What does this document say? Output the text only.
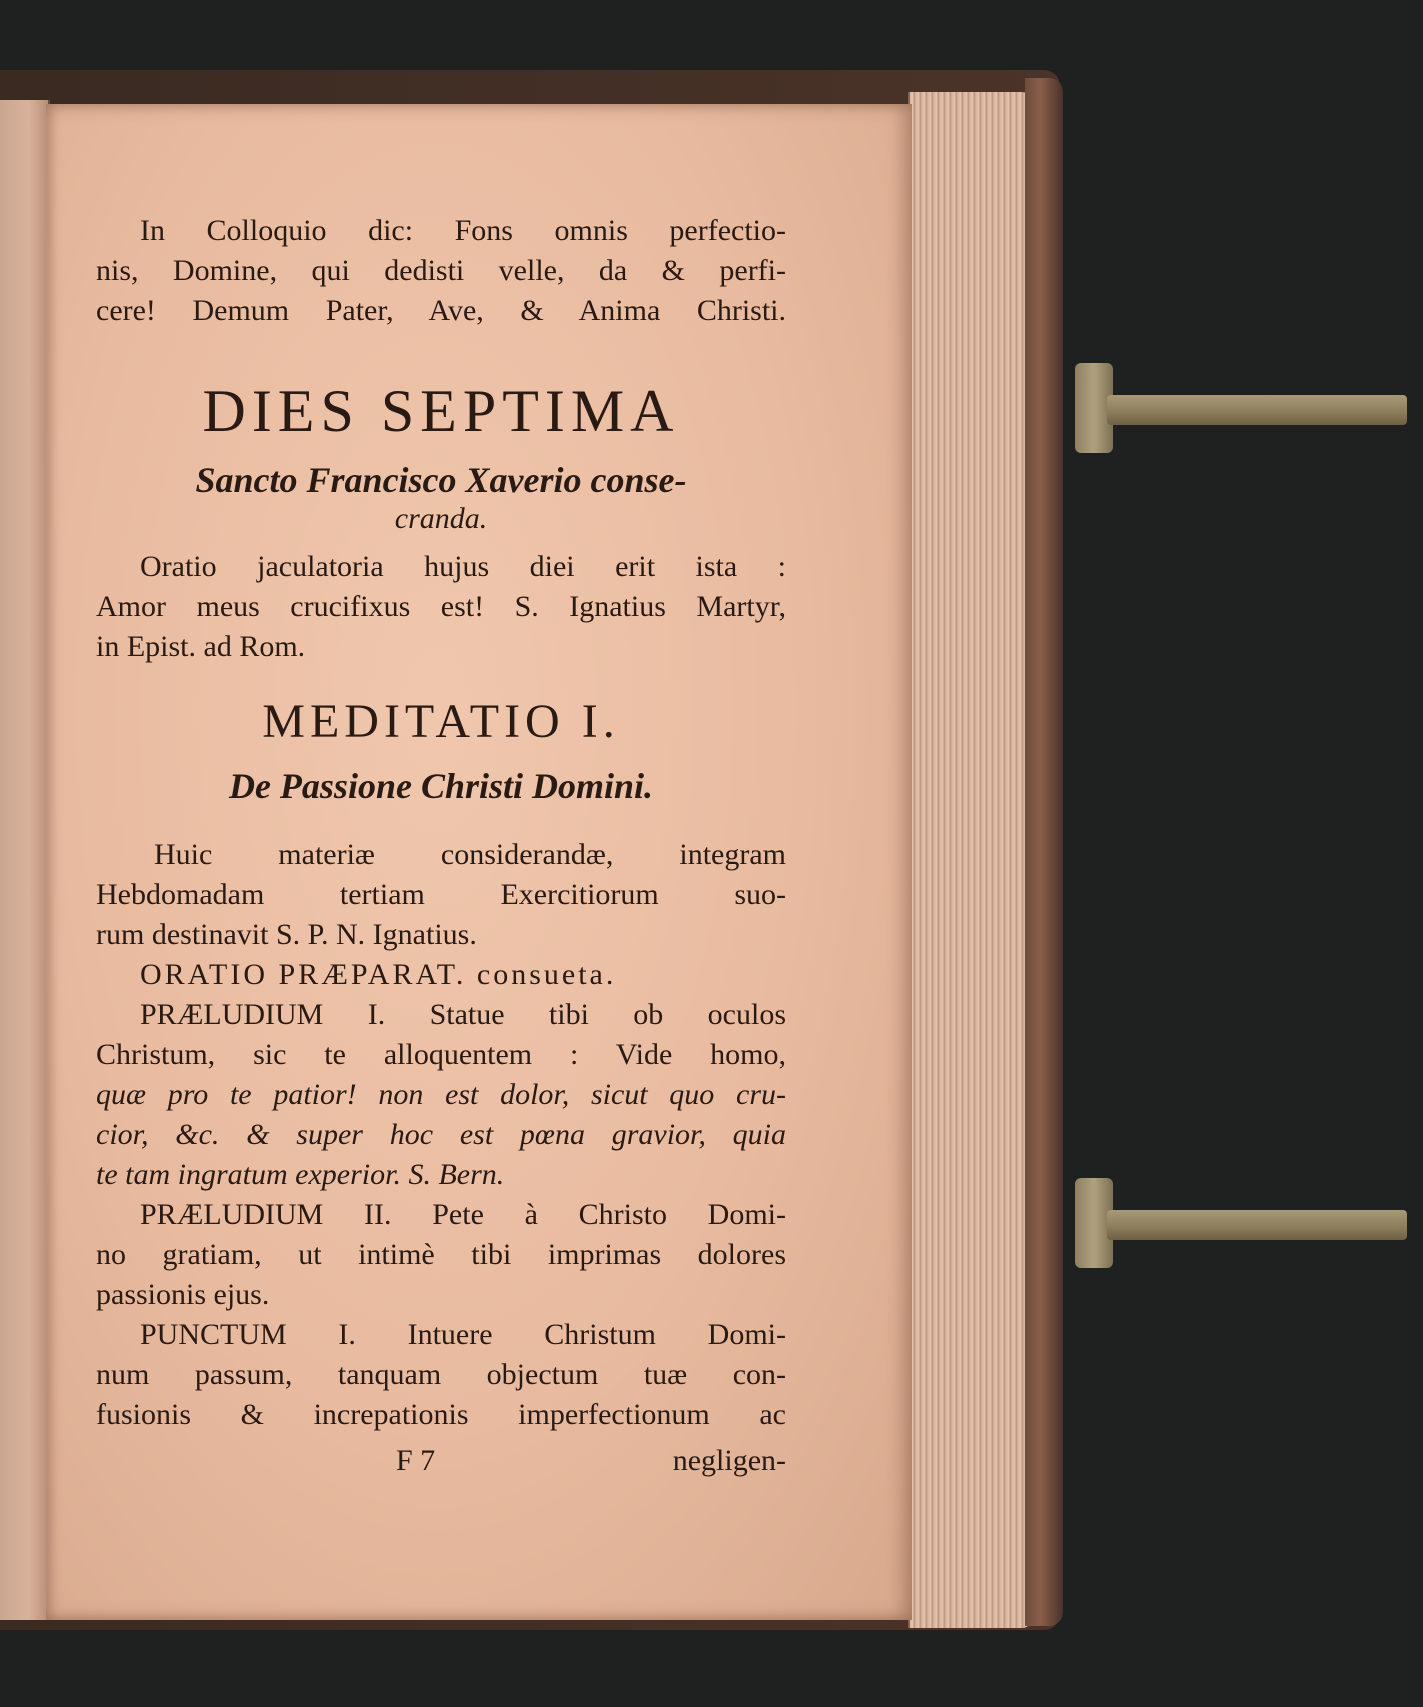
In Colloquio dic: Fons omnis perfectio-
nis, Domine, qui dedisti velle, da & perfi-
cere! Demum Pater, Ave, & Anima Christi.
DIES SEPTIMA
Sancto Francisco Xaverio conse-
cranda.
Oratio jaculatoria hujus diei erit ista :
Amor meus crucifixus est! S. Ignatius Martyr,
in Epist. ad Rom.
MEDITATIO I.
De Passione Christi Domini.
Huic materiæ considerandæ, integram
Hebdomadam tertiam Exercitiorum suo-
rum destinavit S. P. N. Ignatius.
ORATIO PRÆPARAT. consueta.
PRÆLUDIUM I. Statue tibi ob oculos
Christum, sic te alloquentem : Vide homo,
quæ pro te patior! non est dolor, sicut quo cru-
cior, &c. & super hoc est pœna gravior, quia
te tam ingratum experior. S. Bern.
PRÆLUDIUM II. Pete à Christo Domi-
no gratiam, ut intimè tibi imprimas dolores
passionis ejus.
PUNCTUM I. Intuere Christum Domi-
num passum, tanquam objectum tuæ con-
fusionis & increpationis imperfectionum ac
F 7	negligen-
